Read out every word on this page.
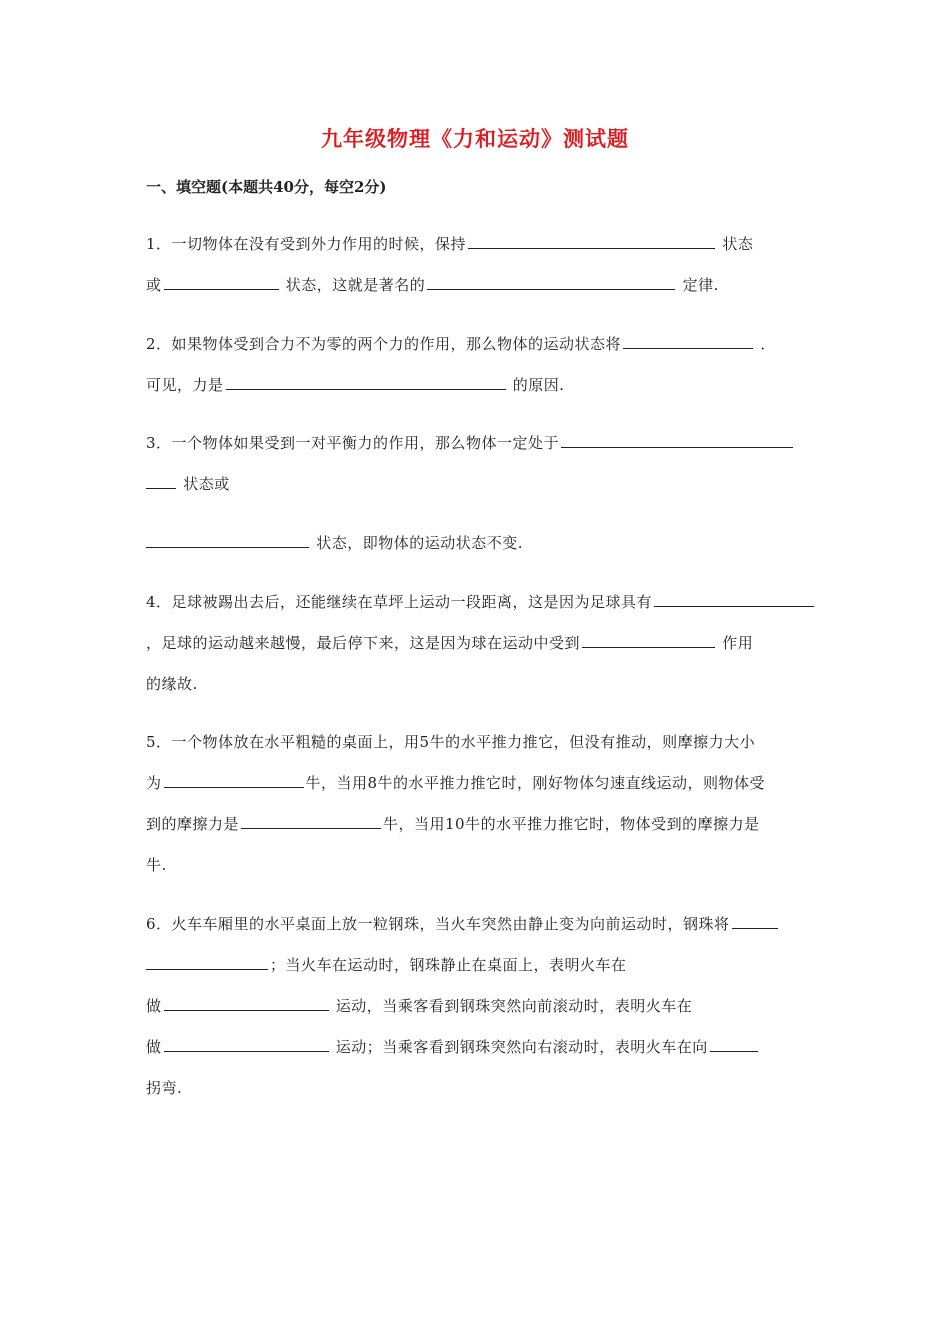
九年级物理《力和运动》测试题
一、填空题(本题共40分，每空2分)
1．一切物体在没有受到外力作用的时候，保持	状态
或	状态，这就是著名的	定律.
2．如果物体受到合力不为零的两个力的作用，那么物体的运动状态将	．
可见，力是	的原因.
3．一个物体如果受到一对平衡力的作用，那么物体一定处于
状态或
状态，即物体的运动状态不变.
4．足球被踢出去后，还能继续在草坪上运动一段距离，这是因为足球具有
，足球的运动越来越慢，最后停下来，这是因为球在运动中受到	作用
的缘故.
5．一个物体放在水平粗糙的桌面上，用5牛的水平推力推它，但没有推动，则摩擦力大小
为	牛，当用8牛的水平推力推它时，刚好物体匀速直线运动，则物体受
到的摩擦力是	牛，当用10牛的水平推力推它时，物体受到的摩擦力是
牛.
6．火车车厢里的水平桌面上放一粒钢珠，当火车突然由静止变为向前运动时，钢珠将
；当火车在运动时，钢珠静止在桌面上，表明火车在
做	运动，当乘客看到钢珠突然向前滚动时，表明火车在
做	运动；当乘客看到钢珠突然向右滚动时，表明火车在向
拐弯.
